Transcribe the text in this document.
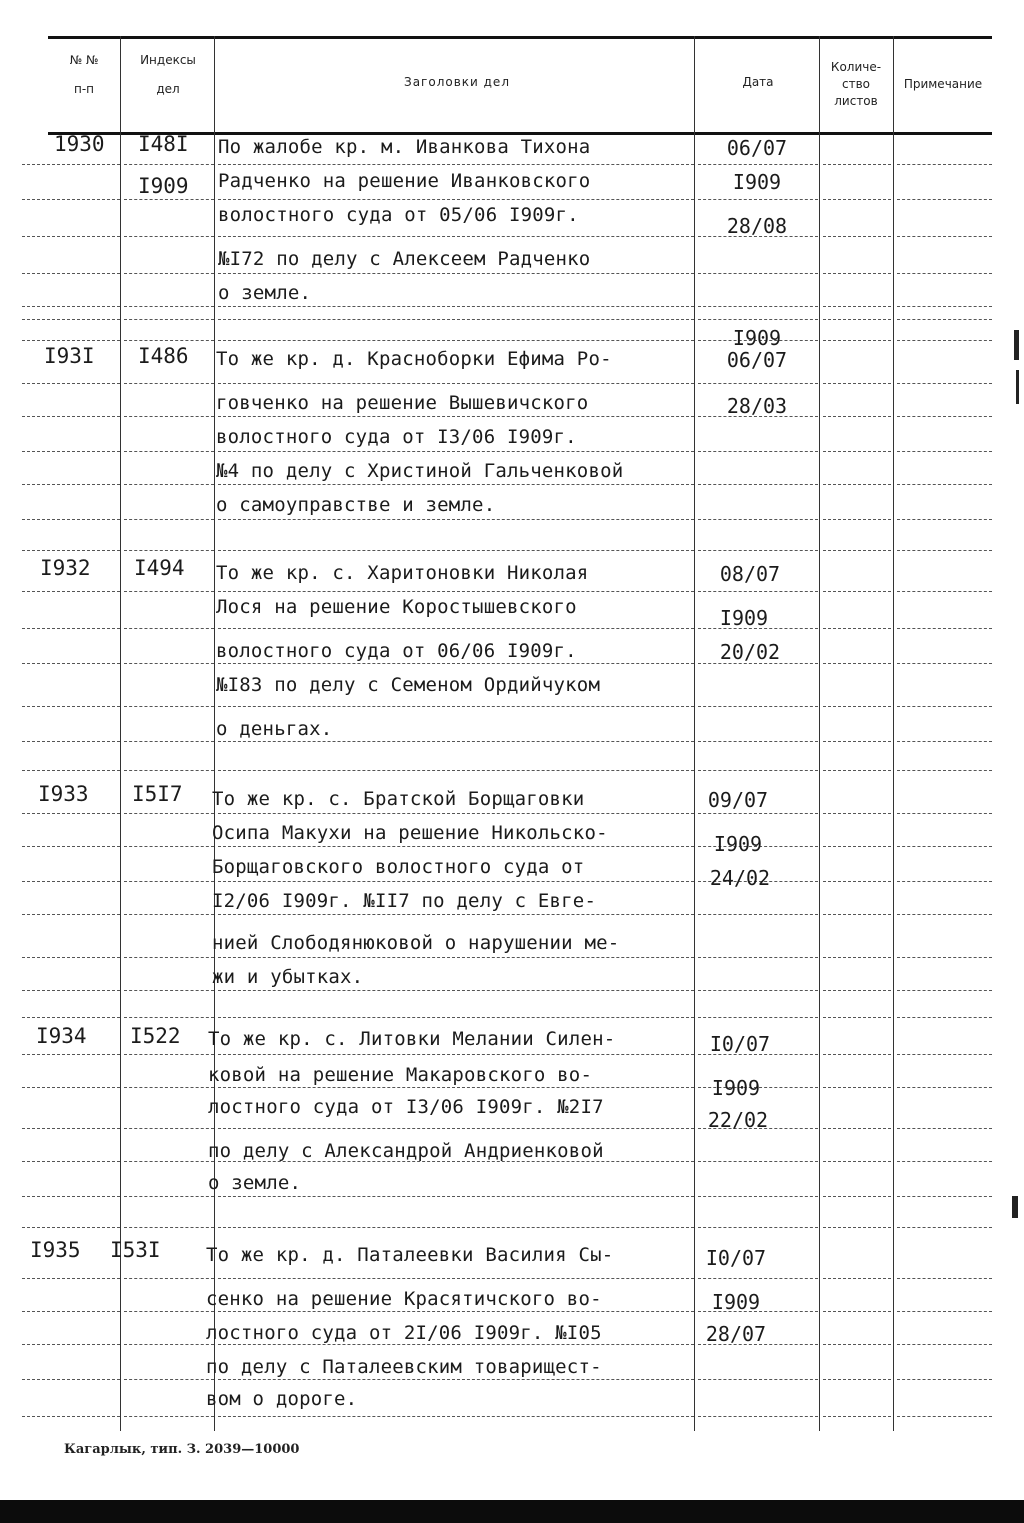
№ №
п-п
Индексы
дел	Заголовки дел	Дата
Количе-
ство
листов
Примечание
1930 I48I
I909
По жалобе кр. м. Иванкова Тихона
Радченко на решение Иванковского
волостного суда от 05/06 I909г.
№I72 по делу с Алексеем Радченко
о земле.
06/07
I909
28/08
I93I I486 То же кр. д. Красноборки Ефима Ро-
говченко на решение Вышевичского
волостного суда от I3/06 I909г.
№4 по делу с Христиной Гальченковой
о самоуправстве и земле.
I909
06/07
28/03
I932 I494 То же кр. с. Харитоновки Николая
Лося на решение Коростышевского
волостного суда от 06/06 I909г.
№I83 по делу с Семеном Ордийчуком
о деньгах.
08/07
I909
20/02
I933 I5I7 То же кр. с. Братской Борщаговки
Осипа Макухи на решение Никольско-
Борщаговского волостного суда от
I2/06 I909г. №II7 по делу с Евге-
нией Слободянюковой о нарушении ме-
жи и убытках.
09/07
I909
24/02
I934 I522 То же кр. с. Литовки Мелании Силен-
ковой на решение Макаровского во-
лостного суда от I3/06 I909г. №2I7
по делу с Александрой Андриенковой
о земле.
I0/07
I909
22/02
I935 I53I То же кр. д. Паталеевки Василия Сы-
сенко на решение Красятичского во-
лостного суда от 2I/06 I909г. №I05
по делу с Паталеевским товарищест-
вом о дороге.
I0/07
I909
28/07
Кагарлык, тип. З. 2039—10000
